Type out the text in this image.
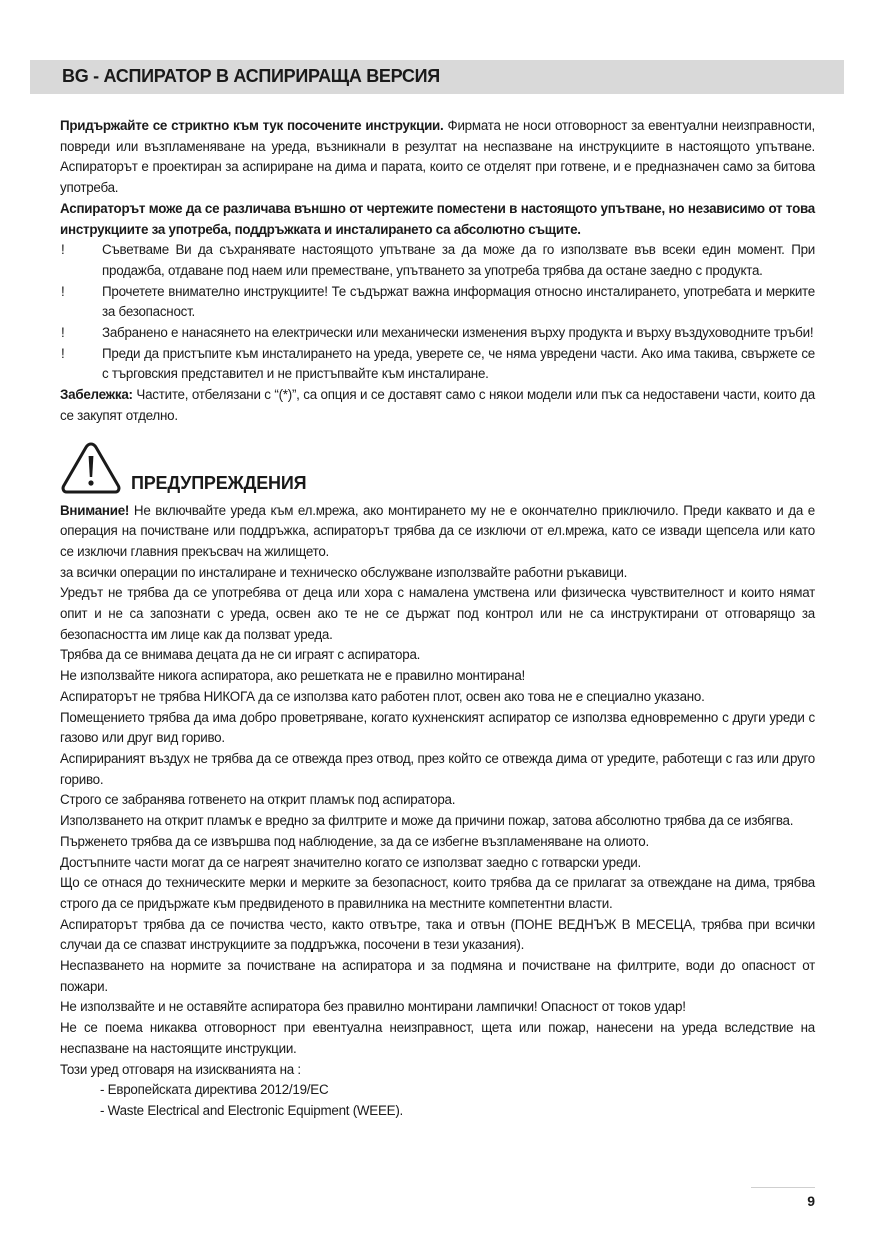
BG - АСПИРАТОР В АСПИРИРАЩА ВЕРСИЯ

Придържайте се стриктно към тук посочените инструкции. Фирмата не носи отговорност за евентуални неизправности, повреди или възпламеняване на уреда, възникнали в резултат на неспазване на инструкциите в настоящото упътване. Аспираторът е проектиран за аспириране на дима и парата, които се отделят при готвене, и е предназначен само за битова употреба.

Аспираторът може да се различава външно от чертежите поместени в настоящото упътване, но независимо от това инструкциите за употреба, поддръжката и инсталирането са абсолютно същите.

!	Съветваме Ви да съхранявате настоящото упътване за да може да го използвате във всеки един момент. При продажба, отдаване под наем или преместване, упътването за употреба трябва да остане заедно с продукта.
!	Прочетете внимателно инструкциите! Те съдържат важна информация относно инсталирането, употребата и мерките за безопасност.
!	Забранено е нанасянето на електрически или механически изменения върху продукта и върху въздуховодните тръби!
!	Преди да пристъпите към инсталирането на уреда, уверете се, че няма увредени части. Ако има такива, свържете се с търговския представител и не пристъпвайте към инсталиране.

Забележка: Частите, отбелязани с “(*)”, са опция и се доставят само с някои модели или пък са недоставени части, които да се закупят отделно.

ПРЕДУПРЕЖДЕНИЯ

Внимание! Не включвайте уреда към ел.мрежа, ако монтирането му не е окончателно приключило. Преди каквато и да е операция на почистване или поддръжка, аспираторът трябва да се изключи от ел.мрежа, като се извади щепсела или като се изключи главния прекъсвач на жилището.

за всички операции по инсталиране и техническо обслужване използвайте работни ръкавици.

Уредът не трябва да се употребява от деца или хора с намалена умствена или физическа чувствителност и които нямат опит и не са запознати с уреда, освен ако те не се държат под контрол или не са инструктирани от отговарящо за безопасността им лице как да ползват уреда.

Трябва да се внимава децата да не си играят с аспиратора.

Не използвайте никога аспиратора, ако решетката не е правилно монтирана!

Аспираторът не трябва НИКОГА да се използва като работен плот, освен ако това не е специално указано.

Помещението трябва да има добро проветряване, когато кухненският аспиратор се използва едновременно с други уреди с газово или друг вид гориво.

Аспирираният въздух не трябва да се отвежда през отвод, през който се отвежда дима от уредите, работещи с газ или друго гориво.

Строго се забранява готвенето на открит пламък под аспиратора.

Използването на открит пламък е вредно за филтрите и може да причини пожар, затова абсолютно трябва да се избягва.

Пърженето трябва да се извършва под наблюдение, за да се избегне възпламеняване на олиото.

Достъпните части могат да се нагреят значително когато се използват заедно с готварски уреди.

Що се отнася до техническите мерки и мерките за безопасност, които трябва да се прилагат за отвеждане на дима, трябва строго да се придържате към предвиденото в правилника на местните компетентни власти.

Аспираторът трябва да се почиства често, както отвътре, така и отвън (ПОНЕ ВЕДНЪЖ В МЕСЕЦА, трябва при всички случаи да се спазват инструкциите за поддръжка, посочени в тези указания).

Неспазването на нормите за почистване на аспиратора и за подмяна и почистване на филтрите, води до опасност от пожари.

Не използвайте и не оставяйте аспиратора без правилно монтирани лампички! Опасност от токов удар!

Не се поема никаква отговорност при евентуална неизправност, щета или пожар, нанесени на уреда вследствие на неспазване на настоящите инструкции.

Този уред отговаря на изискванията на :

- Европейската директива 2012/19/ЕС

- Waste Electrical and Electronic Equipment (WEEE).

9
